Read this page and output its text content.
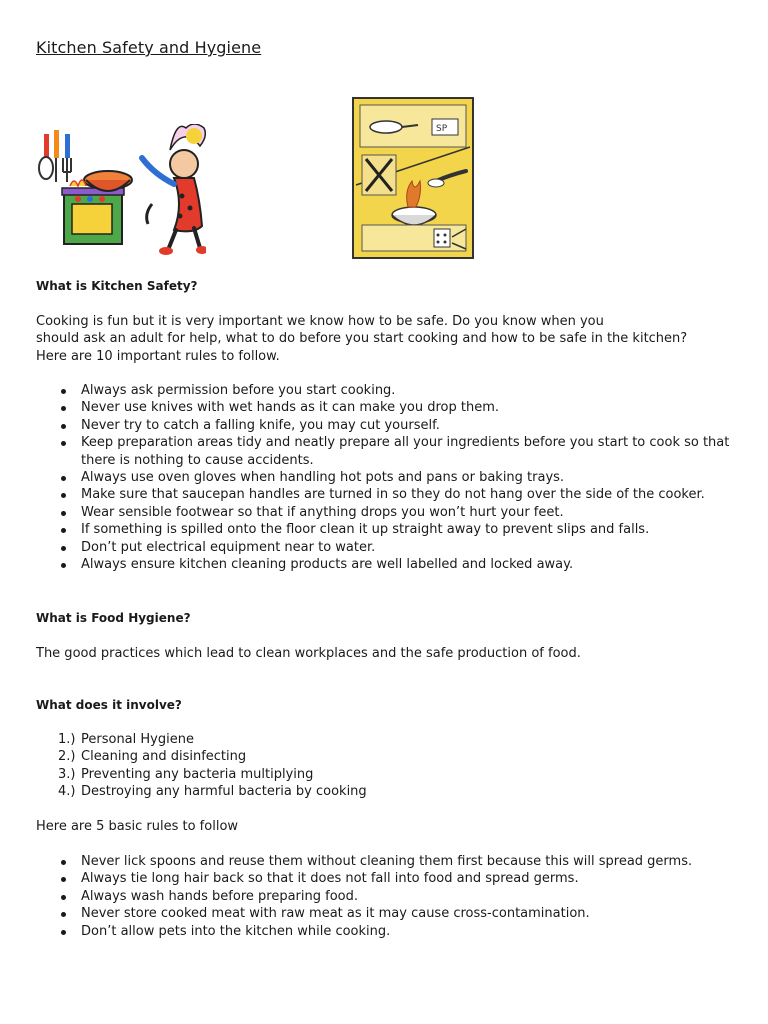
Kitchen Safety and Hygiene
SP
What is Kitchen Safety?
Cooking is fun but it is very important we know how to be safe. Do you know when you
should ask an adult for help, what to do before you start cooking and how to be safe in the kitchen?
Here are 10 important rules to follow.
Always ask permission before you start cooking.
Never use knives with wet hands as it can make you drop them.
Never try to catch a falling knife, you may cut yourself.
Keep preparation areas tidy and neatly prepare all your ingredients before you start to cook so that there is nothing to cause accidents.
Always use oven gloves when handling hot pots and pans or baking trays.
Make sure that saucepan handles are turned in so they do not hang over the side of the cooker.
Wear sensible footwear so that if anything drops you won’t hurt your feet.
If something is spilled onto the floor clean it up straight away to prevent slips and falls.
Don’t put electrical equipment near to water.
Always ensure kitchen cleaning products are well labelled and locked away.
What is Food Hygiene?
The good practices which lead to clean workplaces and the safe production of food.
What does it involve?
1.) Personal Hygiene
2.) Cleaning and disinfecting
3.) Preventing any bacteria multiplying
4.) Destroying any harmful bacteria by cooking
Here are 5 basic rules to follow
Never lick spoons and reuse them without cleaning them first because this will spread germs.
Always tie long hair back so that it does not fall into food and spread germs.
Always wash hands before preparing food.
Never store cooked meat with raw meat as it may cause cross-contamination.
Don’t allow pets into the kitchen while cooking.
